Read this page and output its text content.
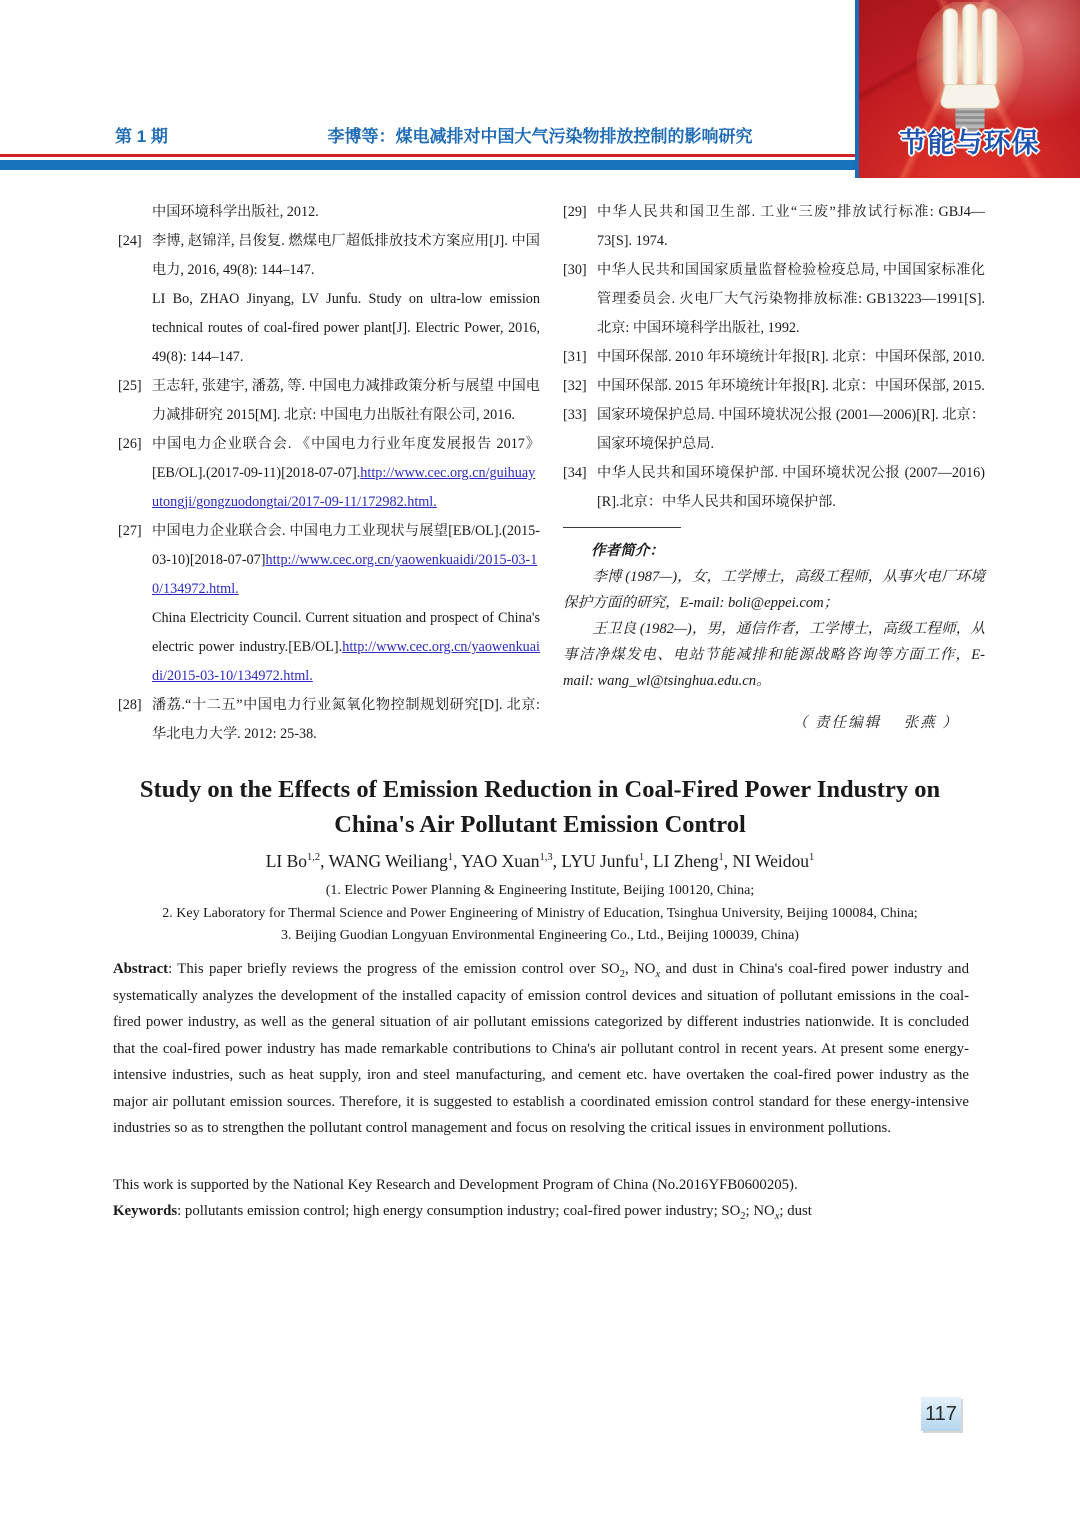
第 1 期	李博等：煤电减排对中国大气污染物排放控制的影响研究	节能与环保
中国环境科学出版社, 2012.
[24] 李博, 赵锦洋, 吕俊复. 燃煤电厂超低排放技术方案应用[J]. 中国电力, 2016, 49(8): 144–147.
LI Bo, ZHAO Jinyang, LV Junfu. Study on ultra-low emission technical routes of coal-fired power plant[J]. Electric Power, 2016, 49(8): 144–147.
[25] 王志轩, 张建宇, 潘荔, 等. 中国电力减排政策分析与展望 中国电力减排研究 2015[M]. 北京: 中国电力出版社有限公司, 2016.
[26] 中国电力企业联合会. 《中国电力行业年度发展报告 2017》[EB/OL].(2017-09-11)[2018-07-07].http://www.cec.org.cn/guihuayutongji/gongzuodongtai/2017-09-11/172982.html.
[27] 中国电力企业联合会. 中国电力工业现状与展望[EB/OL].(2015-03-10)[2018-07-07]http://www.cec.org.cn/yaowenkuaidi/2015-03-10/134972.html.
China Electricity Council. Current situation and prospect of China's electric power industry.[EB/OL].http://www.cec.org.cn/yaowenkuaidi/2015-03-10/134972.html.
[28] 潘荔.“十二五”中国电力行业氮氧化物控制规划研究[D]. 北京: 华北电力大学. 2012: 25-38.
[29] 中华人民共和国卫生部. 工业“三废”排放试行标准: GBJ4—73[S]. 1974.
[30] 中华人民共和国国家质量监督检验检疫总局, 中国国家标准化管理委员会. 火电厂大气污染物排放标准: GB13223—1991[S]. 北京: 中国环境科学出版社, 1992.
[31] 中国环保部. 2010 年环境统计年报[R]. 北京：中国环保部, 2010.
[32] 中国环保部. 2015 年环境统计年报[R]. 北京：中国环保部, 2015.
[33] 国家环境保护总局. 中国环境状况公报 (2001—2006)[R]. 北京：国家环境保护总局.
[34] 中华人民共和国环境保护部. 中国环境状况公报 (2007—2016)[R].北京：中华人民共和国环境保护部.
作者简介：
李博 (1987—)，女，工学博士，高级工程师，从事火电厂环境保护方面的研究，E-mail: boli@eppei.com；
王卫良 (1982—)，男，通信作者，工学博士，高级工程师，从事洁净煤发电、电站节能减排和能源战略咨询等方面工作，E-mail: wang_wl@tsinghua.edu.cn。
（ 责任编辑　 张燕 ）
Study on the Effects of Emission Reduction in Coal-Fired Power Industry on
China's Air Pollutant Emission Control
LI Bo$^{1,2}$, WANG Weiliang$^1$, YAO Xuan$^{1,3}$, LYU Junfu$^1$, LI Zheng$^1$, NI Weidou$^1$
(1. Electric Power Planning & Engineering Institute, Beijing 100120, China;
2. Key Laboratory for Thermal Science and Power Engineering of Ministry of Education, Tsinghua University, Beijing 100084, China;
3. Beijing Guodian Longyuan Environmental Engineering Co., Ltd., Beijing 100039, China)
Abstract: This paper briefly reviews the progress of the emission control over $SO_2$, $NO_x$ and dust in China's coal-fired power industry and systematically analyzes the development of the installed capacity of emission control devices and situation of pollutant emissions in the coal-fired power industry, as well as the general situation of air pollutant emissions categorized by different industries nationwide. It is concluded that the coal-fired power industry has made remarkable contributions to China's air pollutant control in recent years. At present some energy-intensive industries, such as heat supply, iron and steel manufacturing, and cement etc. have overtaken the coal-fired power industry as the major air pollutant emission sources. Therefore, it is suggested to establish a coordinated emission control standard for these energy-intensive industries so as to strengthen the pollutant control management and focus on resolving the critical issues in environment pollutions.
This work is supported by the National Key Research and Development Program of China (No.2016YFB0600205).
Keywords: pollutants emission control; high energy consumption industry; coal-fired power industry; $SO_2$; $NO_x$; dust
117
